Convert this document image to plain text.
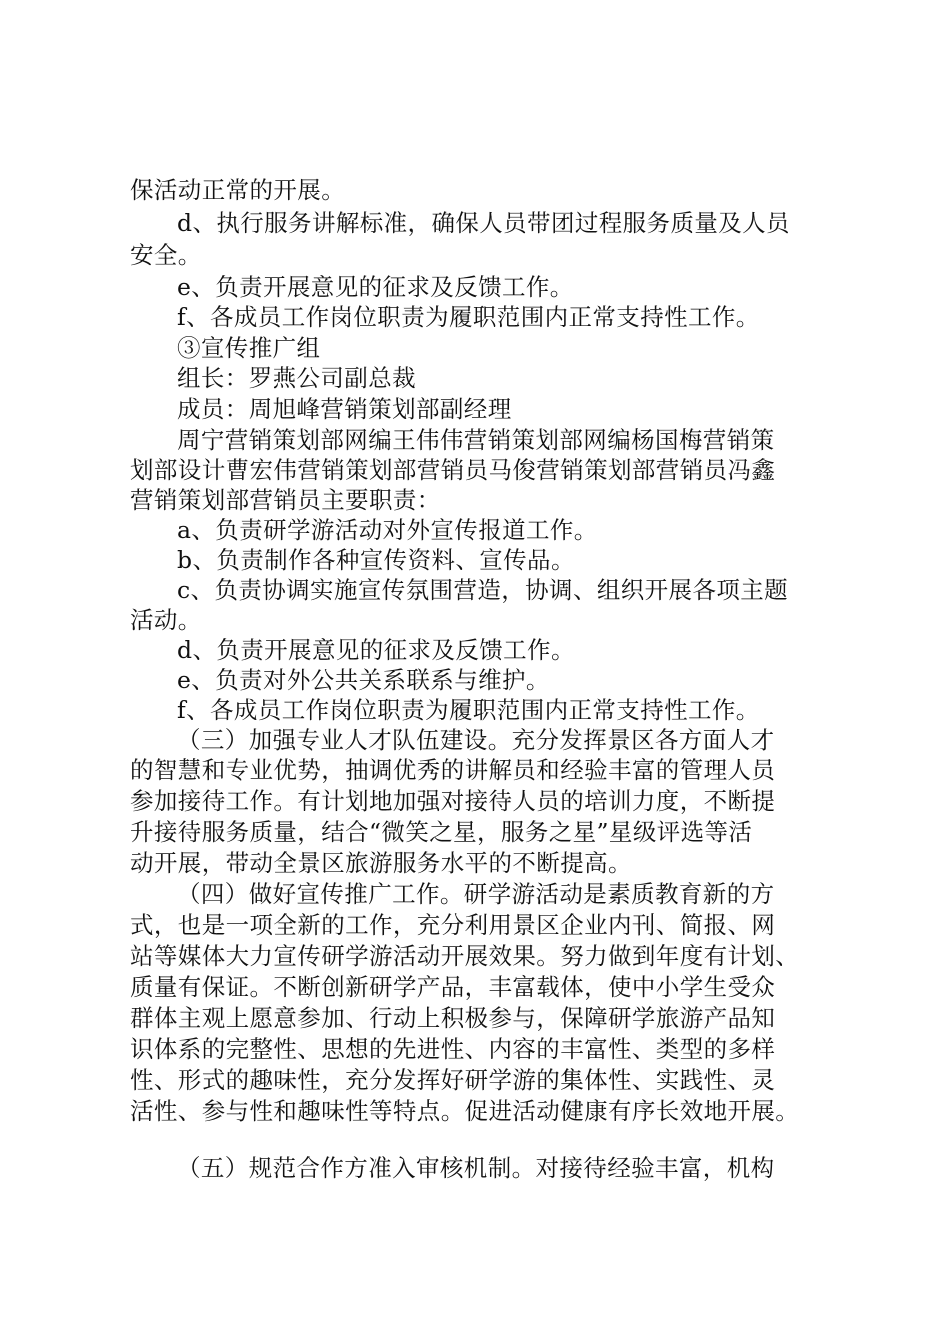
保活动正常的开展。
d、执行服务讲解标准，确保人员带团过程服务质量及人员
安全。
e、负责开展意见的征求及反馈工作。
f、各成员工作岗位职责为履职范围内正常支持性工作。
③宣传推广组
组长：罗燕公司副总裁
成员：周旭峰营销策划部副经理
周宁营销策划部网编王伟伟营销策划部网编杨国梅营销策
划部设计曹宏伟营销策划部营销员马俊营销策划部营销员冯鑫
营销策划部营销员主要职责：
a、负责研学游活动对外宣传报道工作。
b、负责制作各种宣传资料、宣传品。
c、负责协调实施宣传氛围营造，协调、组织开展各项主题
活动。
d、负责开展意见的征求及反馈工作。
e、负责对外公共关系联系与维护。
f、各成员工作岗位职责为履职范围内正常支持性工作。
（三）加强专业人才队伍建设。充分发挥景区各方面人才
的智慧和专业优势，抽调优秀的讲解员和经验丰富的管理人员
参加接待工作。有计划地加强对接待人员的培训力度，不断提
升接待服务质量，结合“微笑之星，服务之星”星级评选等活
动开展，带动全景区旅游服务水平的不断提高。
（四）做好宣传推广工作。研学游活动是素质教育新的方
式，也是一项全新的工作，充分利用景区企业内刊、简报、网
站等媒体大力宣传研学游活动开展效果。努力做到年度有计划、
质量有保证。不断创新研学产品，丰富载体，使中小学生受众
群体主观上愿意参加、行动上积极参与，保障研学旅游产品知
识体系的完整性、思想的先进性、内容的丰富性、类型的多样
性、形式的趣味性，充分发挥好研学游的集体性、实践性、灵
活性、参与性和趣味性等特点。促进活动健康有序长效地开展。
（五）规范合作方准入审核机制。对接待经验丰富，机构
